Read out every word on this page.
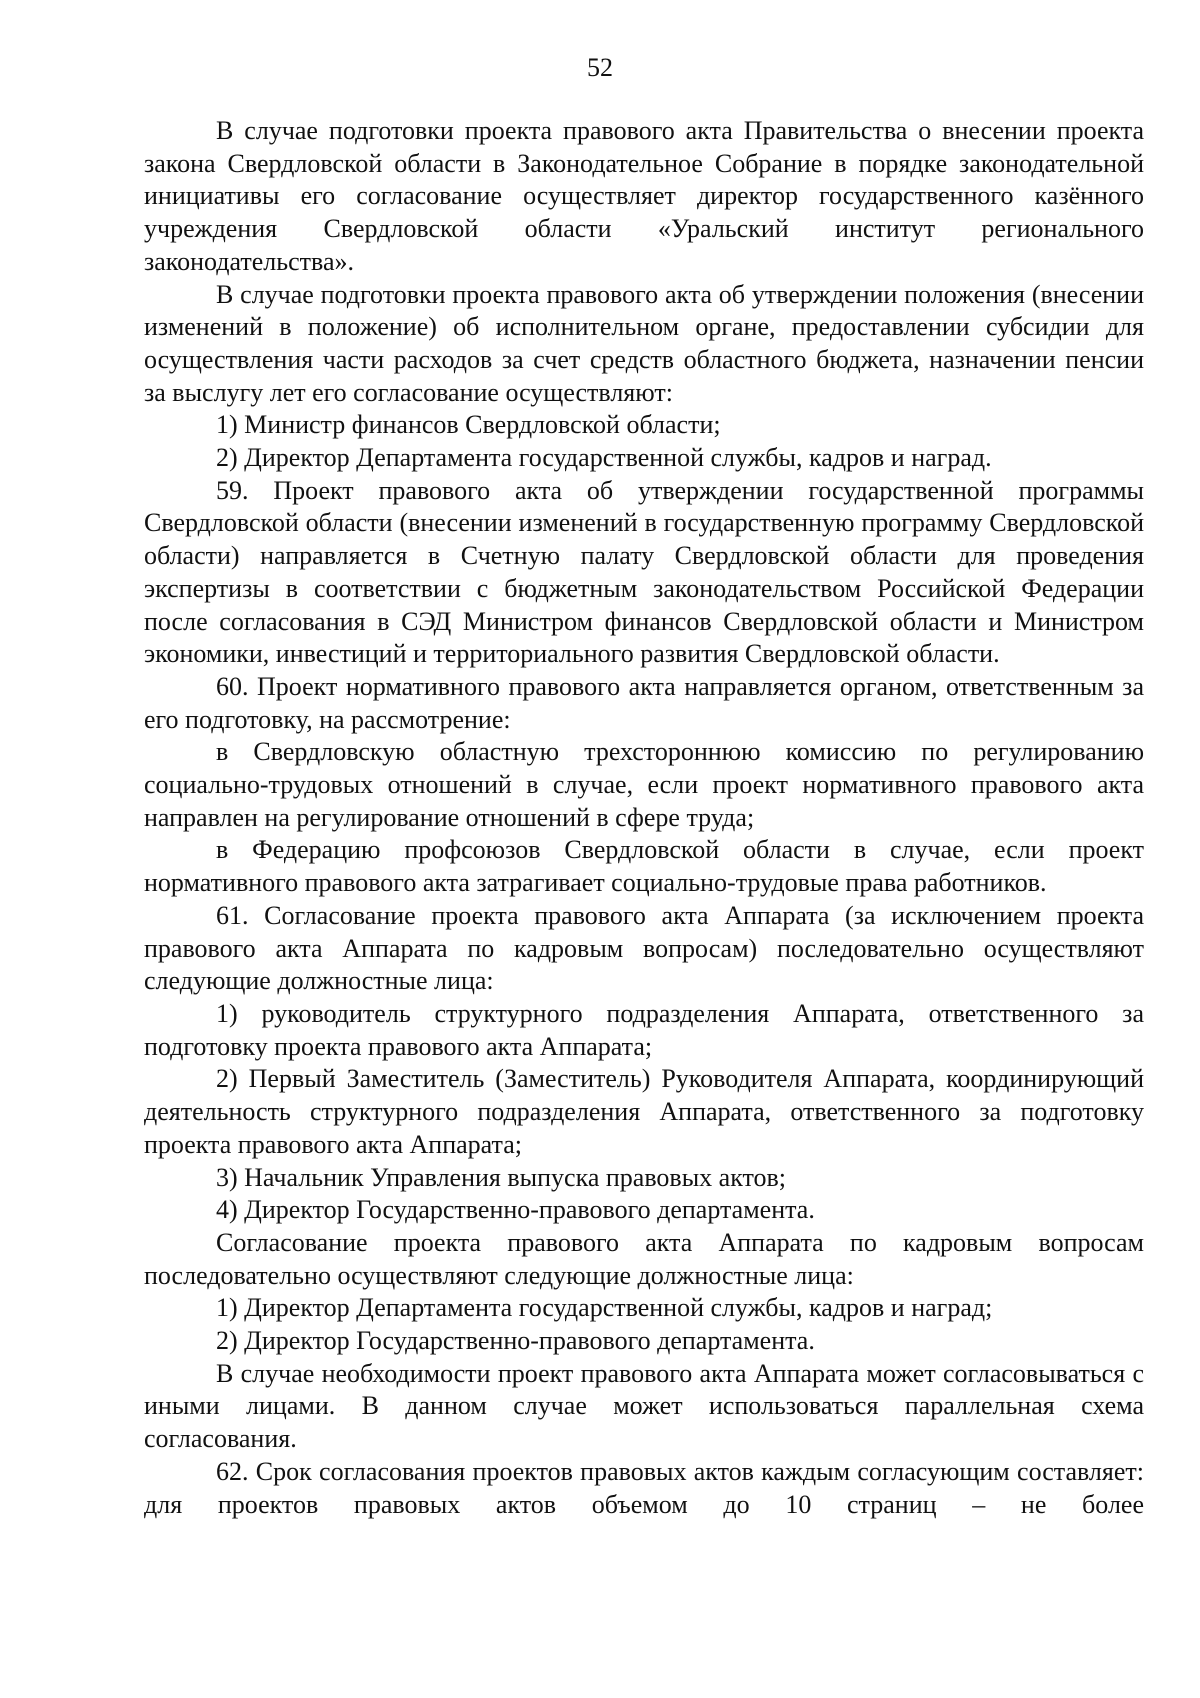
52

В случае подготовки проекта правового акта Правительства о внесении проекта закона Свердловской области в Законодательное Собрание в порядке законодательной инициативы его согласование осуществляет директор государственного казённого учреждения Свердловской области «Уральский институт регионального законодательства».

В случае подготовки проекта правового акта об утверждении положения (внесении изменений в положение) об исполнительном органе, предоставлении субсидии для осуществления части расходов за счет средств областного бюджета, назначении пенсии за выслугу лет его согласование осуществляют:

1) Министр финансов Свердловской области;

2) Директор Департамента государственной службы, кадров и наград.

59. Проект правового акта об утверждении государственной программы Свердловской области (внесении изменений в государственную программу Свердловской области) направляется в Счетную палату Свердловской области для проведения экспертизы в соответствии с бюджетным законодательством Российской Федерации после согласования в СЭД Министром финансов Свердловской области и Министром экономики, инвестиций и территориального развития Свердловской области.

60. Проект нормативного правового акта направляется органом, ответственным за его подготовку, на рассмотрение:

в Свердловскую областную трехстороннюю комиссию по регулированию социально-трудовых отношений в случае, если проект нормативного правового акта направлен на регулирование отношений в сфере труда;

в Федерацию профсоюзов Свердловской области в случае, если проект нормативного правового акта затрагивает социально-трудовые права работников.

61. Согласование проекта правового акта Аппарата (за исключением проекта правового акта Аппарата по кадровым вопросам) последовательно осуществляют следующие должностные лица:

1) руководитель структурного подразделения Аппарата, ответственного за подготовку проекта правового акта Аппарата;

2) Первый Заместитель (Заместитель) Руководителя Аппарата, координирующий деятельность структурного подразделения Аппарата, ответственного за подготовку проекта правового акта Аппарата;

3) Начальник Управления выпуска правовых актов;

4) Директор Государственно-правового департамента.

Согласование проекта правового акта Аппарата по кадровым вопросам последовательно осуществляют следующие должностные лица:

1) Директор Департамента государственной службы, кадров и наград;

2) Директор Государственно-правового департамента.

В случае необходимости проект правового акта Аппарата может согласовываться с иными лицами. В данном случае может использоваться параллельная схема согласования.

62. Срок согласования проектов правовых актов каждым согласующим составляет: для проектов правовых актов объемом до 10 страниц – не более
